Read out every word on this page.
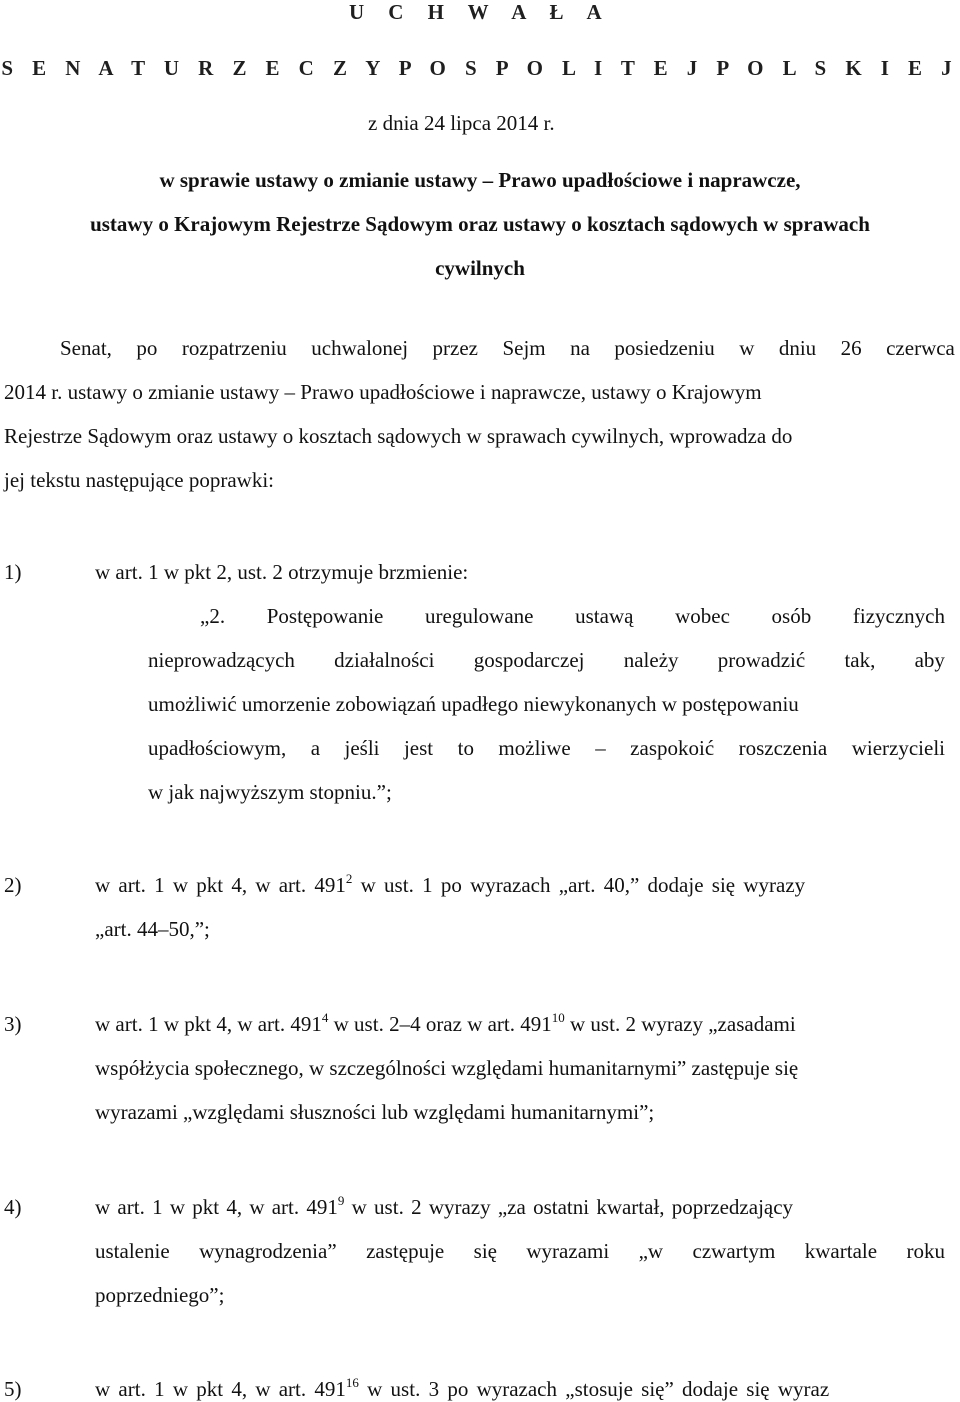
U C H W A Ł A
S E N A T U R Z E C Z Y P O S P O L I T E J P O L S K I E J
z dnia 24 lipca 2014 r.
w sprawie ustawy o zmianie ustawy – Prawo upadłościowe i naprawcze,
ustawy o Krajowym Rejestrze Sądowym oraz ustawy o kosztach sądowych w sprawach
cywilnych
Senat, po rozpatrzeniu uchwalonej przez Sejm na posiedzeniu w dniu 26 czerwca
2014 r. ustawy o zmianie ustawy – Prawo upadłościowe i naprawcze, ustawy o Krajowym
Rejestrze Sądowym oraz ustawy o kosztach sądowych w sprawach cywilnych, wprowadza do
jej tekstu następujące poprawki:
1)	w art. 1 w pkt 2, ust. 2 otrzymuje brzmienie:
„2. Postępowanie uregulowane ustawą wobec osób fizycznych
nieprowadzących działalności gospodarczej należy prowadzić tak, aby
umożliwić umorzenie zobowiązań upadłego niewykonanych w postępowaniu
upadłościowym, a jeśli jest to możliwe – zaspokoić roszczenia wierzycieli
w jak najwyższym stopniu.”;
2)	w art. 1 w pkt 4, w art. $491^2$ w ust. 1 po wyrazach „art. 40,” dodaje się wyrazy
„art. 44–50,”;
3)	w art. 1 w pkt 4, w art. $491^4$ w ust. 2–4 oraz w art. $491^{10}$ w ust. 2 wyrazy „zasadami
współżycia społecznego, w szczególności względami humanitarnymi” zastępuje się
wyrazami „względami słuszności lub względami humanitarnymi”;
4)	w art. 1 w pkt 4, w art. $491^9$ w ust. 2 wyrazy „za ostatni kwartał, poprzedzający
ustalenie wynagrodzenia” zastępuje się wyrazami „w czwartym kwartale roku
poprzedniego”;
5)	w art. 1 w pkt 4, w art. $491^{16}$ w ust. 3 po wyrazach „stosuje się” dodaje się wyraz
